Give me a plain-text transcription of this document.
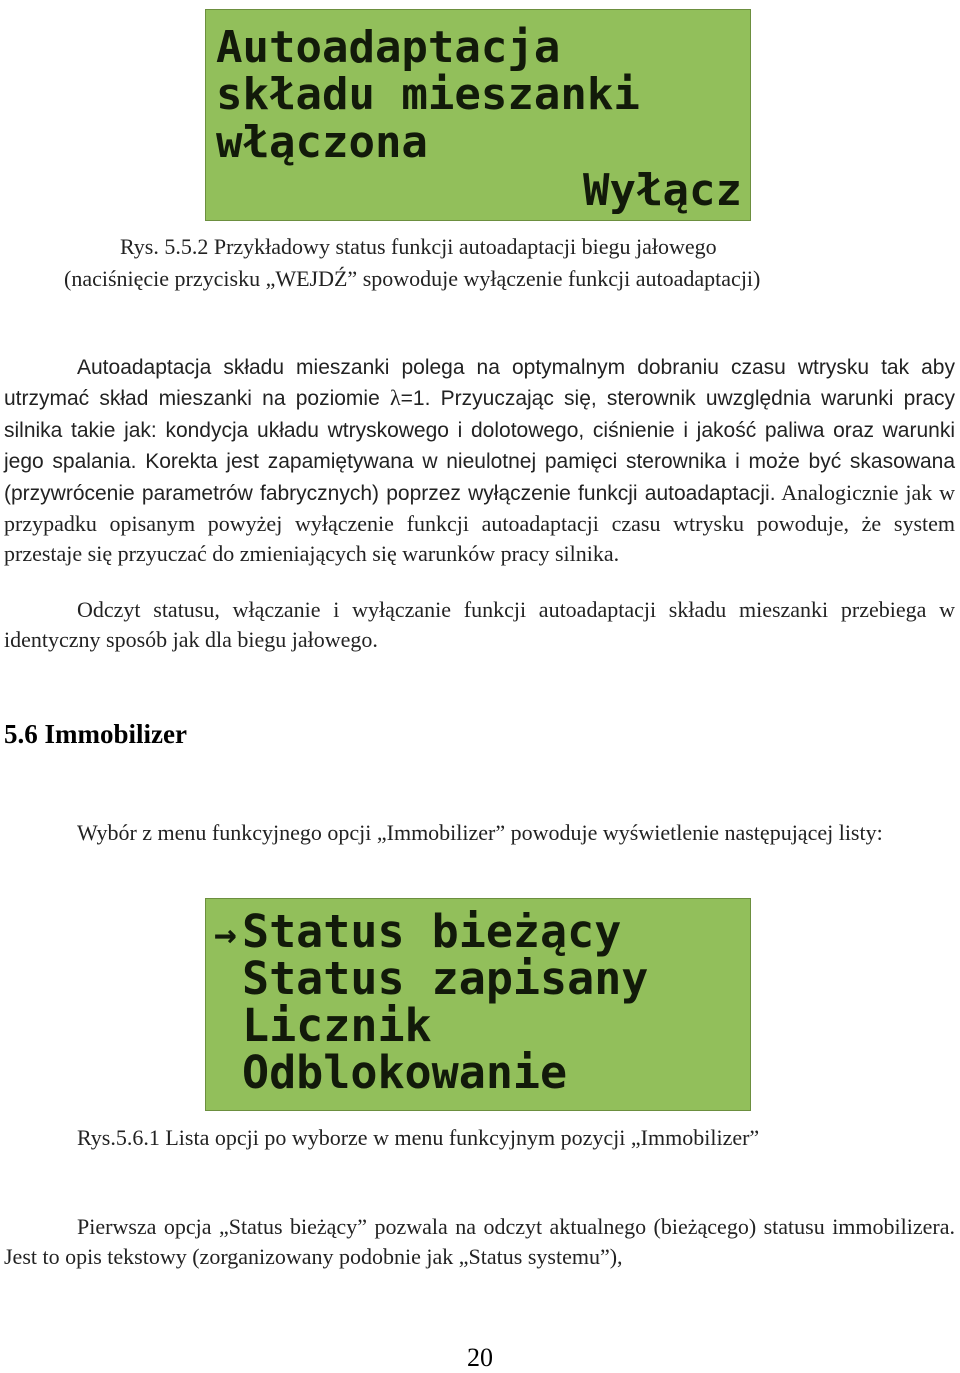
Autoadaptacja

składu mieszanki

włączona

Wyłącz

Rys. 5.5.2 Przykładowy status funkcji autoadaptacji biegu jałowego
(naciśnięcie przycisku „WEJDŹ” spowoduje wyłączenie funkcji autoadaptacji)
Autoadaptacja składu mieszanki polega na optymalnym dobraniu czasu wtrysku tak aby utrzymać skład mieszanki na poziomie λ=1. Przyuczając się, sterownik uwzględnia warunki pracy silnika takie jak: kondycja układu wtryskowego i dolotowego, ciśnienie i jakość paliwa oraz warunki jego spalania. Korekta jest zapamiętywana w nieulotnej pamięci sterownika i może być skasowana (przywrócenie parametrów fabrycznych) poprzez wyłączenie funkcji autoadaptacji. Analogicznie jak w przypadku opisanym powyżej wyłączenie funkcji autoadaptacji czasu wtrysku powoduje, że system przestaje się przyuczać do zmieniających się warunków pracy silnika.
Odczyt statusu, włączanie i wyłączanie funkcji autoadaptacji składu mieszanki przebiega w identyczny sposób jak dla biegu jałowego.
5.6 Immobilizer
Wybór z menu funkcyjnego opcji „Immobilizer” powoduje wyświetlenie następującej listy:

→ Status bieżący

Status zapisany

Licznik

Odblokowanie

Rys.5.6.1 Lista opcji po wyborze w menu funkcyjnym pozycji „Immobilizer”
Pierwsza opcja „Status bieżący” pozwala na odczyt aktualnego (bieżącego) statusu immobilizera. Jest to opis tekstowy (zorganizowany podobnie jak „Status systemu”),
20
